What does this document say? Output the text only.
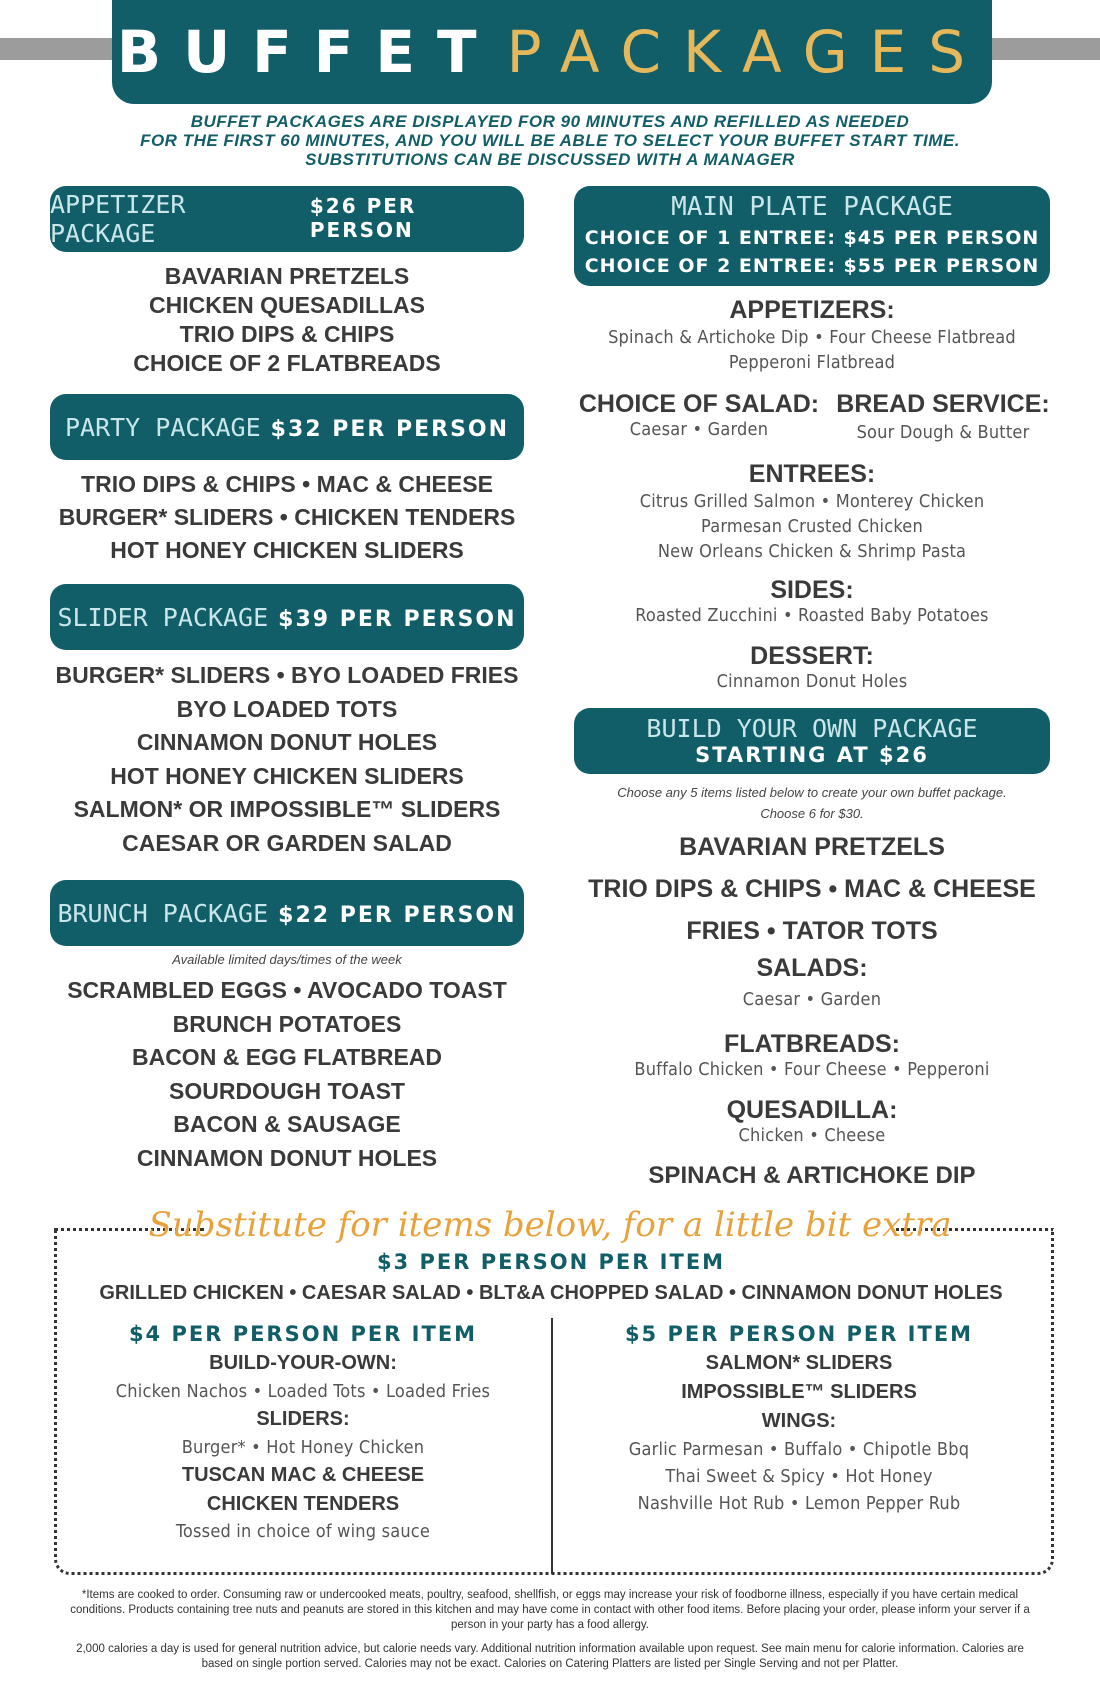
BUFFET PACKAGES
BUFFET PACKAGES ARE DISPLAYED FOR 90 MINUTES AND REFILLED AS NEEDED
FOR THE FIRST 60 MINUTES, AND YOU WILL BE ABLE TO SELECT YOUR BUFFET START TIME.
SUBSTITUTIONS CAN BE DISCUSSED WITH A MANAGER
APPETIZER PACKAGE
$26 PER PERSON
BAVARIAN PRETZELS
CHICKEN QUESADILLAS
TRIO DIPS & CHIPS
CHOICE OF 2 FLATBREADS
PARTY PACKAGE $32 PER PERSON
TRIO DIPS & CHIPS • MAC & CHEESE
BURGER* SLIDERS • CHICKEN TENDERS
HOT HONEY CHICKEN SLIDERS
SLIDER PACKAGE $39 PER PERSON
BURGER* SLIDERS • BYO LOADED FRIES
BYO LOADED TOTS
CINNAMON DONUT HOLES
HOT HONEY CHICKEN SLIDERS
SALMON* OR IMPOSSIBLE™ SLIDERS
CAESAR OR GARDEN SALAD
BRUNCH PACKAGE $22 PER PERSON
Available limited days/times of the week
SCRAMBLED EGGS • AVOCADO TOAST
BRUNCH POTATOES
BACON & EGG FLATBREAD
SOURDOUGH TOAST
BACON & SAUSAGE
CINNAMON DONUT HOLES
MAIN PLATE PACKAGE
CHOICE OF 1 ENTREE: $45 PER PERSON
CHOICE OF 2 ENTREE: $55 PER PERSON
APPETIZERS:
Spinach & Artichoke Dip • Four Cheese Flatbread
Pepperoni Flatbread
CHOICE OF SALAD:
Caesar • Garden
BREAD SERVICE:
Sour Dough & Butter
ENTREES:
Citrus Grilled Salmon • Monterey Chicken
Parmesan Crusted Chicken
New Orleans Chicken & Shrimp Pasta
SIDES:
Roasted Zucchini • Roasted Baby Potatoes
DESSERT:
Cinnamon Donut Holes
BUILD YOUR OWN PACKAGE
STARTING AT $26
Choose any 5 items listed below to create your own buffet package.
Choose 6 for $30.
BAVARIAN PRETZELS
TRIO DIPS & CHIPS • MAC & CHEESE
FRIES • TATOR TOTS
SALADS:
Caesar • Garden
FLATBREADS:
Buffalo Chicken • Four Cheese • Pepperoni
QUESADILLA:
Chicken • Cheese
SPINACH & ARTICHOKE DIP
Substitute for items below, for a little bit extra
$3 PER PERSON PER ITEM
GRILLED CHICKEN • CAESAR SALAD • BLT&A CHOPPED SALAD • CINNAMON DONUT HOLES
$4 PER PERSON PER ITEM
BUILD-YOUR-OWN:
Chicken Nachos • Loaded Tots • Loaded Fries
SLIDERS:
Burger* • Hot Honey Chicken
TUSCAN MAC & CHEESE
CHICKEN TENDERS
Tossed in choice of wing sauce
$5 PER PERSON PER ITEM
SALMON* SLIDERS
IMPOSSIBLE™ SLIDERS
WINGS:
Garlic Parmesan • Buffalo • Chipotle Bbq
Thai Sweet & Spicy • Hot Honey
Nashville Hot Rub • Lemon Pepper Rub
*Items are cooked to order. Consuming raw or undercooked meats, poultry, seafood, shellfish, or eggs may increase your risk of foodborne illness, especially if you have certain medical
conditions. Products containing tree nuts and peanuts are stored in this kitchen and may have come in contact with other food items. Before placing your order, please inform your server if a
person in your party has a food allergy.
2,000 calories a day is used for general nutrition advice, but calorie needs vary. Additional nutrition information available upon request. See main menu for calorie information. Calories are
based on single portion served. Calories may not be exact. Calories on Catering Platters are listed per Single Serving and not per Platter.
